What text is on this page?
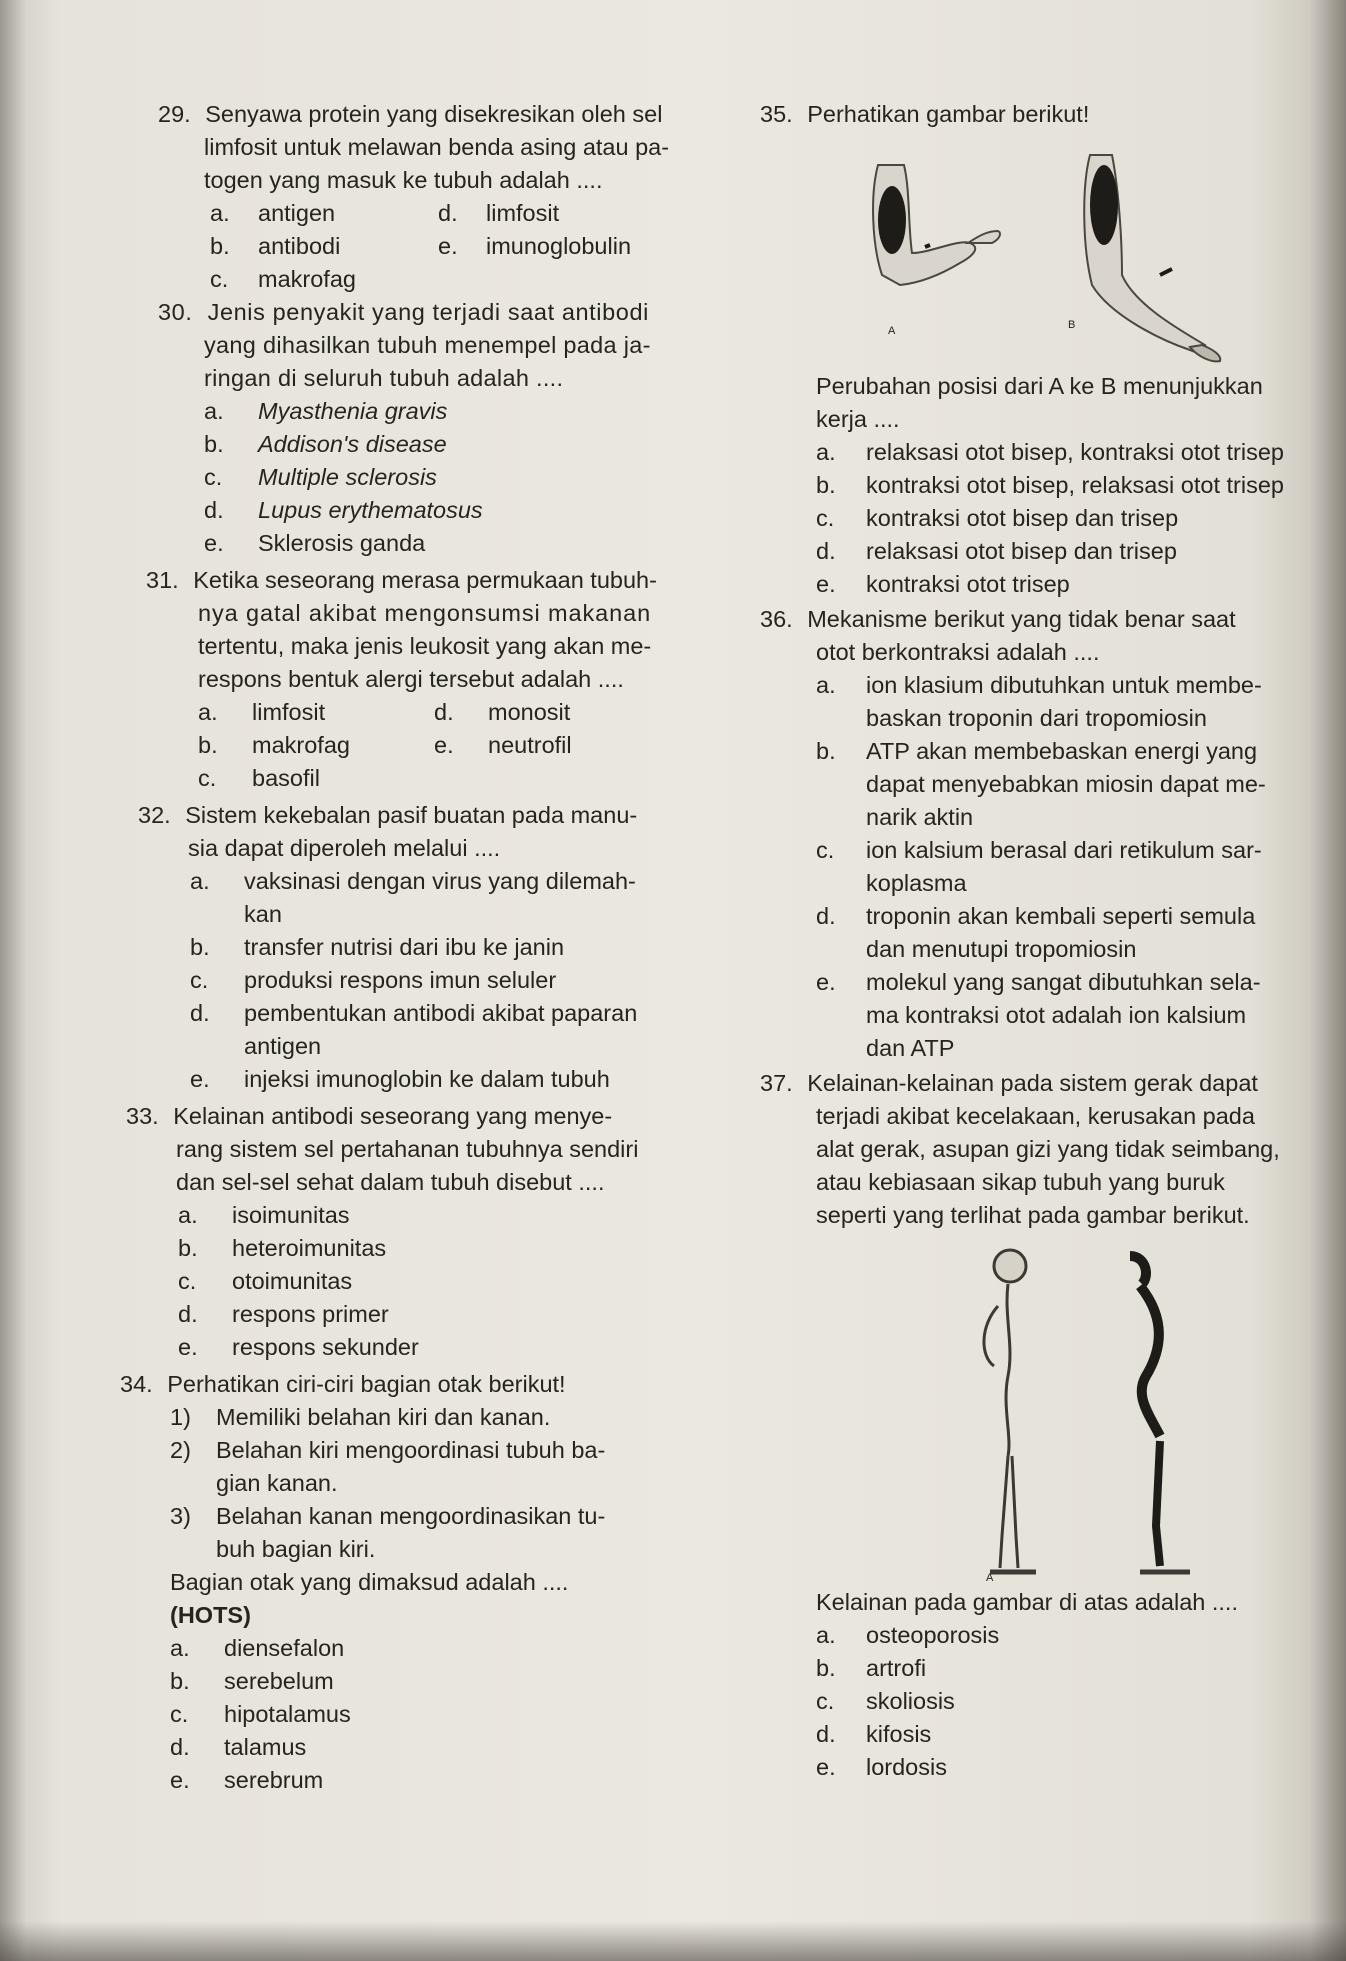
29. Senyawa protein yang disekresikan oleh sel
limfosit untuk melawan benda asing atau pa-
togen yang masuk ke tubuh adalah ....
a. antigen	d. limfosit
b. antibodi	e. imunoglobulin
c. makrofag
30. Jenis penyakit yang terjadi saat antibodi
yang dihasilkan tubuh menempel pada ja-
ringan di seluruh tubuh adalah ....
a. Myasthenia gravis
b. Addison's disease
c. Multiple sclerosis
d. Lupus erythematosus
e. Sklerosis ganda
31. Ketika seseorang merasa permukaan tubuh-
nya gatal akibat mengonsumsi makanan
tertentu, maka jenis leukosit yang akan me-
respons bentuk alergi tersebut adalah ....
a. limfosit	d. monosit
b. makrofag	e. neutrofil
c. basofil
32. Sistem kekebalan pasif buatan pada manu-
sia dapat diperoleh melalui ....
a. vaksinasi dengan virus yang dilemah-
kan
b. transfer nutrisi dari ibu ke janin
c. produksi respons imun seluler
d. pembentukan antibodi akibat paparan
antigen
e. injeksi imunoglobin ke dalam tubuh
33. Kelainan antibodi seseorang yang menye-
rang sistem sel pertahanan tubuhnya sendiri
dan sel-sel sehat dalam tubuh disebut ....
a. isoimunitas
b. heteroimunitas
c. otoimunitas
d. respons primer
e. respons sekunder
34. Perhatikan ciri-ciri bagian otak berikut!
1) Memiliki belahan kiri dan kanan.
2) Belahan kiri mengoordinasi tubuh ba-
gian kanan.
3) Belahan kanan mengoordinasikan tu-
buh bagian kiri.
Bagian otak yang dimaksud adalah ....
(HOTS)
a. diensefalon
b. serebelum
c. hipotalamus
d. talamus
e. serebrum
35. Perhatikan gambar berikut!
A	B
Perubahan posisi dari A ke B menunjukkan
kerja ....
a. relaksasi otot bisep, kontraksi otot trisep
b. kontraksi otot bisep, relaksasi otot trisep
c. kontraksi otot bisep dan trisep
d. relaksasi otot bisep dan trisep
e. kontraksi otot trisep
36. Mekanisme berikut yang tidak benar saat
otot berkontraksi adalah ....
a. ion klasium dibutuhkan untuk membe-
baskan troponin dari tropomiosin
b. ATP akan membebaskan energi yang
dapat menyebabkan miosin dapat me-
narik aktin
c. ion kalsium berasal dari retikulum sar-
koplasma
d. troponin akan kembali seperti semula
dan menutupi tropomiosin
e. molekul yang sangat dibutuhkan sela-
ma kontraksi otot adalah ion kalsium
dan ATP
37. Kelainan-kelainan pada sistem gerak dapat
terjadi akibat kecelakaan, kerusakan pada
alat gerak, asupan gizi yang tidak seimbang,
atau kebiasaan sikap tubuh yang buruk
seperti yang terlihat pada gambar berikut.
A
Kelainan pada gambar di atas adalah ....
a. osteoporosis
b. artrofi
c. skoliosis
d. kifosis
e. lordosis
